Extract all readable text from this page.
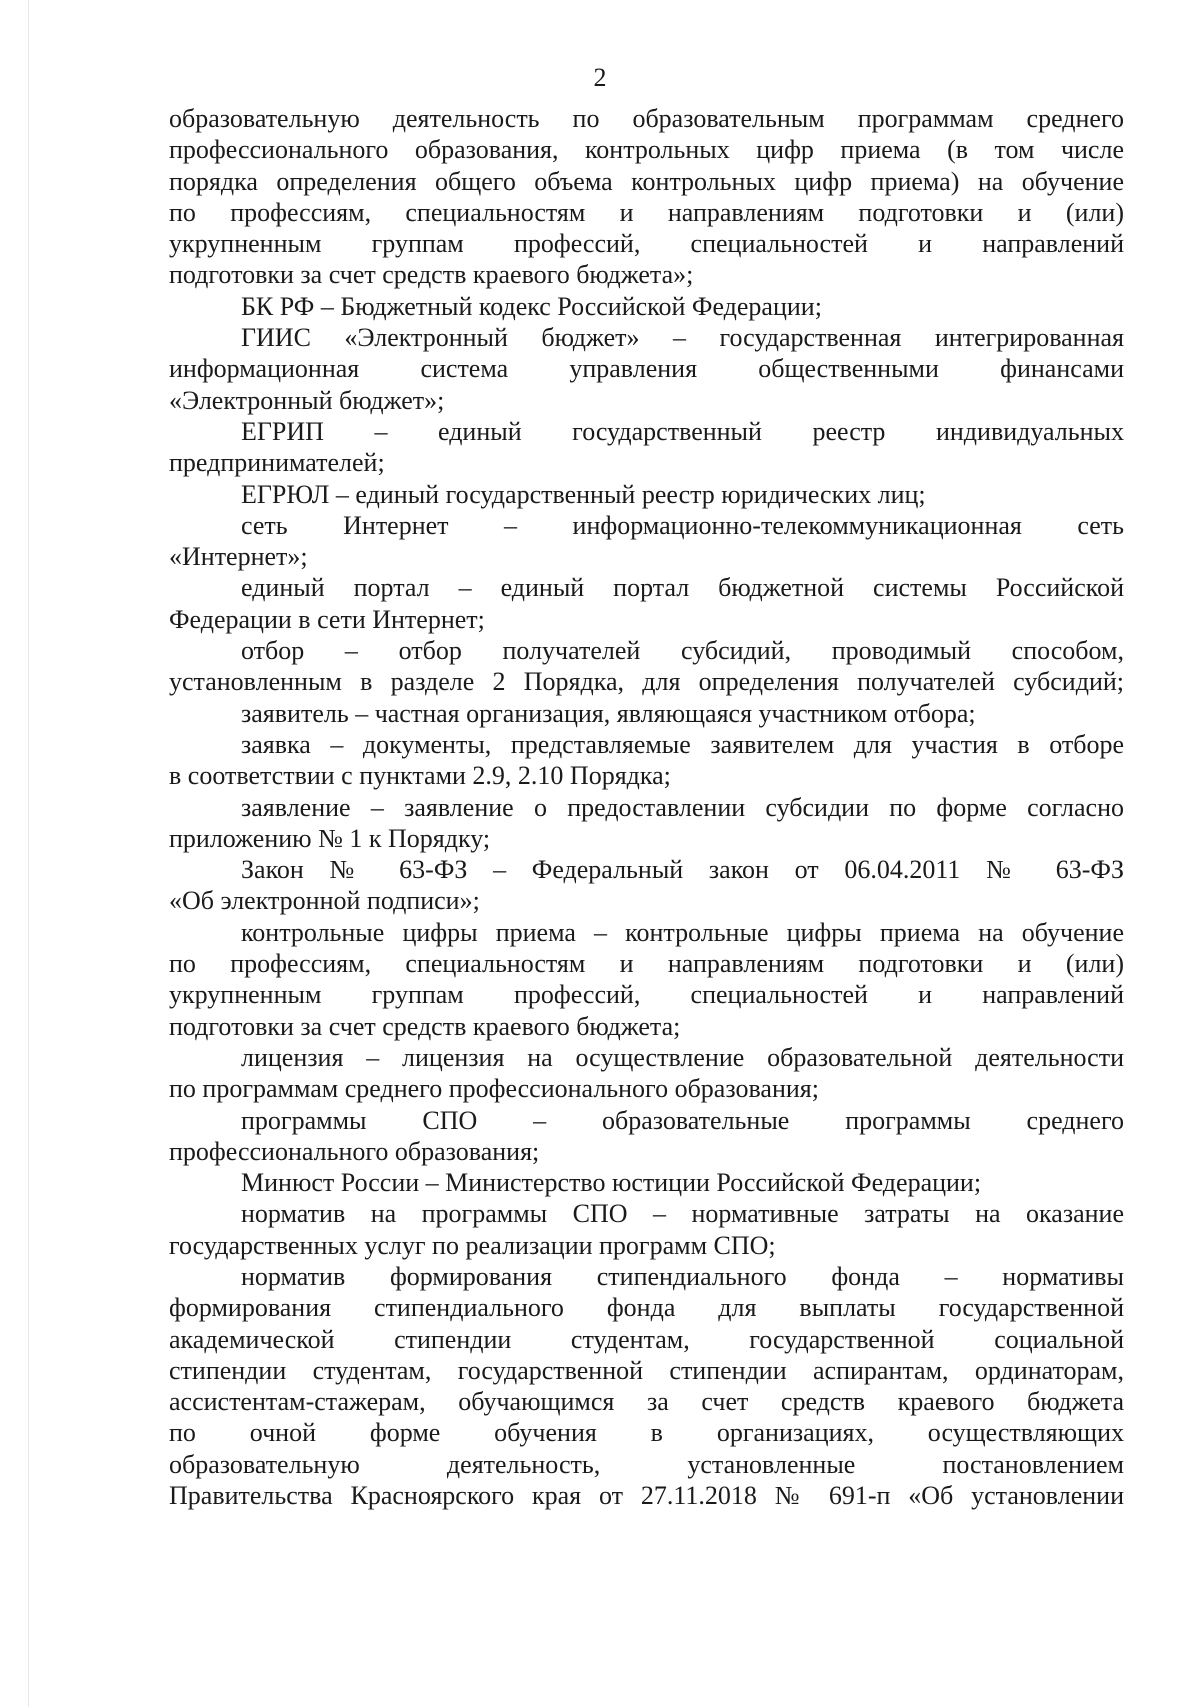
2
образовательную деятельность по образовательным программам среднего
профессионального образования, контрольных цифр приема (в том числе
порядка определения общего объема контрольных цифр приема) на обучение
по профессиям, специальностям и направлениям подготовки и (или)
укрупненным группам профессий, специальностей и направлений
подготовки за счет средств краевого бюджета»;
БК РФ – Бюджетный кодекс Российской Федерации;
ГИИС «Электронный бюджет» – государственная интегрированная
информационная система управления общественными финансами
«Электронный бюджет»;
ЕГРИП – единый государственный реестр индивидуальных
предпринимателей;
ЕГРЮЛ – единый государственный реестр юридических лиц;
сеть Интернет – информационно-телекоммуникационная сеть
«Интернет»;
единый портал – единый портал бюджетной системы Российской
Федерации в сети Интернет;
отбор – отбор получателей субсидий, проводимый способом,
установленным в разделе 2 Порядка, для определения получателей субсидий;
заявитель – частная организация, являющаяся участником отбора;
заявка – документы, представляемые заявителем для участия в отборе
в соответствии с пунктами 2.9, 2.10 Порядка;
заявление – заявление о предоставлении субсидии по форме согласно
приложению № 1 к Порядку;
Закон № 63-ФЗ – Федеральный закон от 06.04.2011 № 63-ФЗ
«Об электронной подписи»;
контрольные цифры приема – контрольные цифры приема на обучение
по профессиям, специальностям и направлениям подготовки и (или)
укрупненным группам профессий, специальностей и направлений
подготовки за счет средств краевого бюджета;
лицензия – лицензия на осуществление образовательной деятельности
по программам среднего профессионального образования;
программы СПО – образовательные программы среднего
профессионального образования;
Минюст России – Министерство юстиции Российской Федерации;
норматив на программы СПО – нормативные затраты на оказание
государственных услуг по реализации программ СПО;
норматив формирования стипендиального фонда – нормативы
формирования стипендиального фонда для выплаты государственной
академической стипендии студентам, государственной социальной
стипендии студентам, государственной стипендии аспирантам, ординаторам,
ассистентам-стажерам, обучающимся за счет средств краевого бюджета
по очной форме обучения в организациях, осуществляющих
образовательную деятельность, установленные постановлением
Правительства Красноярского края от 27.11.2018 № 691-п «Об установлении
